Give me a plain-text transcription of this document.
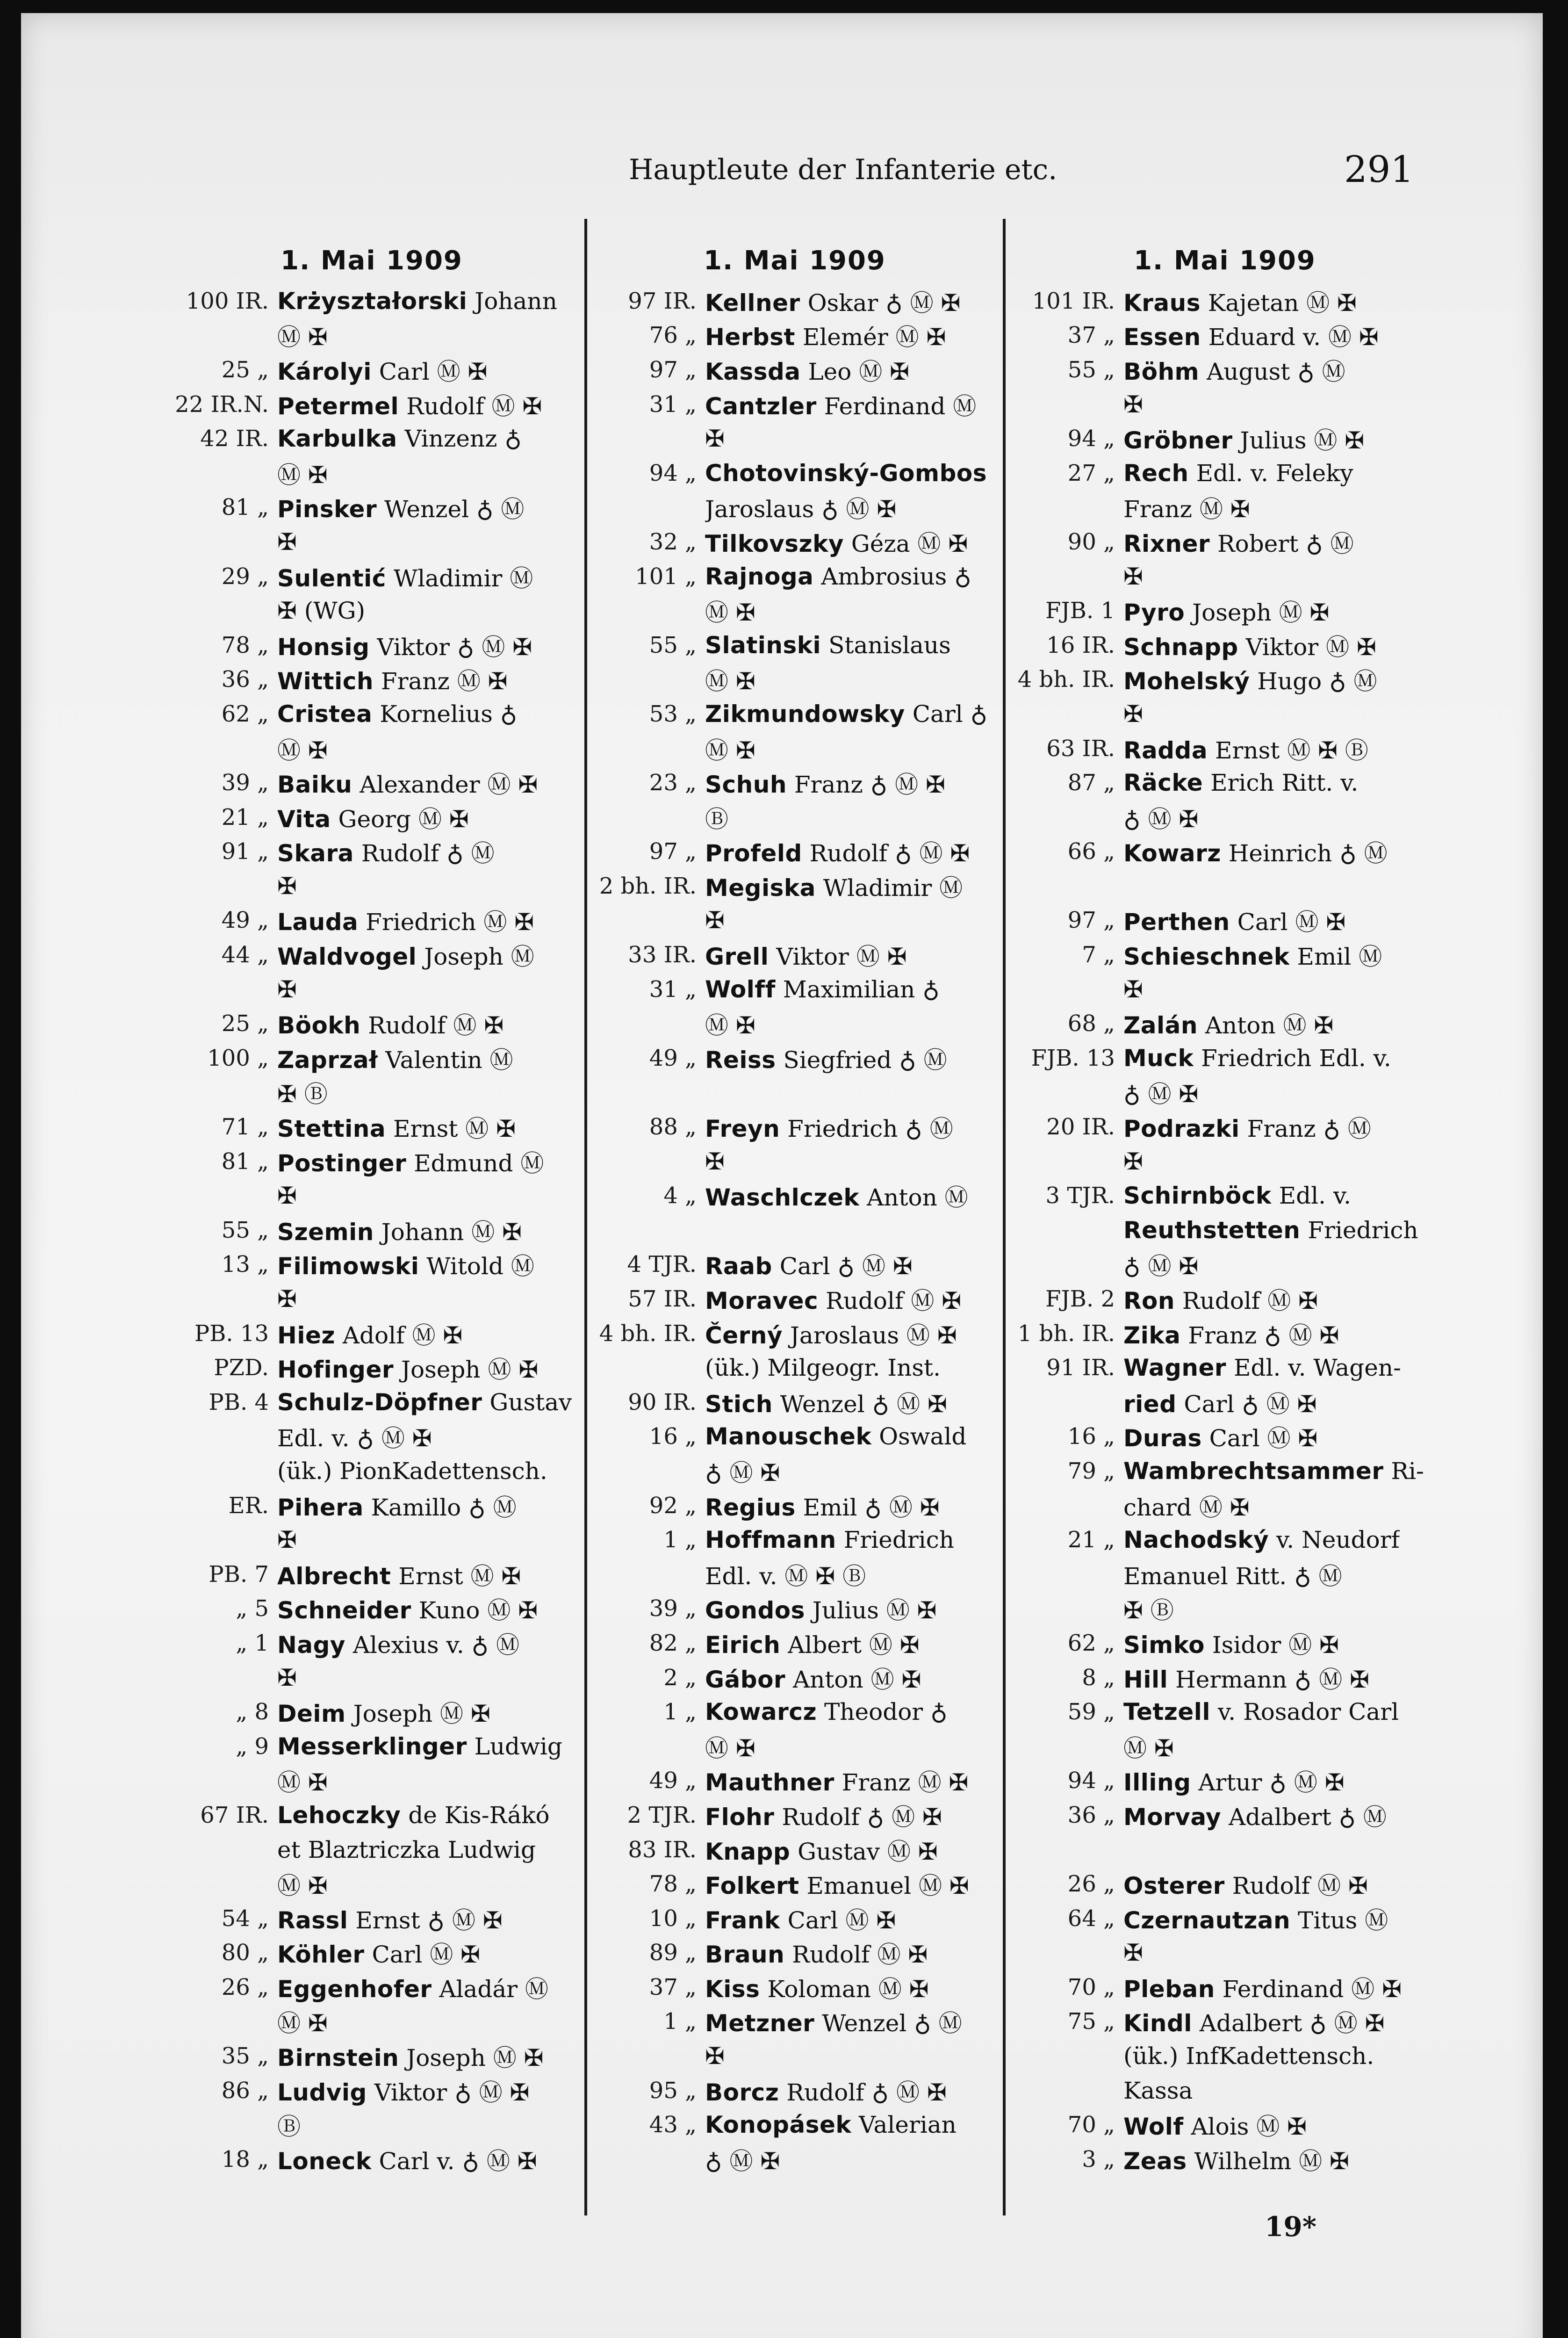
Hauptleute der Infanterie etc.	291
1. Mai 1909
100 IR. Krżyształorski Johann
Ⓜ ✠
25 „ Károlyi Carl Ⓜ ✠
22 IR.N. Petermel Rudolf Ⓜ ✠
42 IR. Karbulka Vinzenz ♁
Ⓜ ✠
81 „ Pinsker Wenzel ♁ Ⓜ
✠
29 „ Sulentić Wladimir Ⓜ
✠ (WG)
78 „ Honsig Viktor ♁ Ⓜ ✠
36 „ Wittich Franz Ⓜ ✠
62 „ Cristea Kornelius ♁
Ⓜ ✠
39 „ Baiku Alexander Ⓜ ✠
21 „ Vita Georg Ⓜ ✠
91 „ Skara Rudolf ♁ Ⓜ
✠
49 „ Lauda Friedrich Ⓜ ✠
44 „ Waldvogel Joseph Ⓜ
✠
25 „ Böokh Rudolf Ⓜ ✠
100 „ Zaprzał Valentin Ⓜ
✠ Ⓑ
71 „ Stettina Ernst Ⓜ ✠
81 „ Postinger Edmund Ⓜ
✠
55 „ Szemin Johann Ⓜ ✠
13 „ Filimowski Witold Ⓜ
✠
PB. 13 Hiez Adolf Ⓜ ✠
PZD. Hofinger Joseph Ⓜ ✠
PB. 4 Schulz-Döpfner Gustav
Edl. v. ♁ Ⓜ ✠
(ük.) PionKadettensch.
ER. Pihera Kamillo ♁ Ⓜ
✠
PB. 7 Albrecht Ernst Ⓜ ✠
„ 5 Schneider Kuno Ⓜ ✠
„ 1 Nagy Alexius v. ♁ Ⓜ
✠
„ 8 Deim Joseph Ⓜ ✠
„ 9 Messerklinger Ludwig
Ⓜ ✠
67 IR. Lehoczky de Kis-Rákó
et Blaztriczka Ludwig
Ⓜ ✠
54 „ Rassl Ernst ♁ Ⓜ ✠
80 „ Köhler Carl Ⓜ ✠
26 „ Eggenhofer Aladár Ⓜ
Ⓜ ✠
35 „ Birnstein Joseph Ⓜ ✠
86 „ Ludvig Viktor ♁ Ⓜ ✠
Ⓑ
18 „ Loneck Carl v. ♁ Ⓜ ✠
1. Mai 1909
97 IR. Kellner Oskar ♁ Ⓜ ✠
76 „ Herbst Elemér Ⓜ ✠
97 „ Kassda Leo Ⓜ ✠
31 „ Cantzler Ferdinand Ⓜ
✠
94 „ Chotovinský-Gombos
Jaroslaus ♁ Ⓜ ✠
32 „ Tilkovszky Géza Ⓜ ✠
101 „ Rajnoga Ambrosius ♁
Ⓜ ✠
55 „ Slatinski Stanislaus
Ⓜ ✠
53 „ Zikmundowsky Carl ♁
Ⓜ ✠
23 „ Schuh Franz ♁ Ⓜ ✠
Ⓑ
97 „ Profeld Rudolf ♁ Ⓜ ✠
2 bh. IR. Megiska Wladimir Ⓜ
✠
33 IR. Grell Viktor Ⓜ ✠
31 „ Wolff Maximilian ♁
Ⓜ ✠
49 „ Reiss Siegfried ♁ Ⓜ
88 „ Freyn Friedrich ♁ Ⓜ
✠
4 „ Waschlczek Anton Ⓜ
4 TJR. Raab Carl ♁ Ⓜ ✠
57 IR. Moravec Rudolf Ⓜ ✠
4 bh. IR. Černý Jaroslaus Ⓜ ✠
(ük.) Milgeogr. Inst.
90 IR. Stich Wenzel ♁ Ⓜ ✠
16 „ Manouschek Oswald
♁ Ⓜ ✠
92 „ Regius Emil ♁ Ⓜ ✠
1 „ Hoffmann Friedrich
Edl. v. Ⓜ ✠ Ⓑ
39 „ Gondos Julius Ⓜ ✠
82 „ Eirich Albert Ⓜ ✠
2 „ Gábor Anton Ⓜ ✠
1 „ Kowarcz Theodor ♁
Ⓜ ✠
49 „ Mauthner Franz Ⓜ ✠
2 TJR. Flohr Rudolf ♁ Ⓜ ✠
83 IR. Knapp Gustav Ⓜ ✠
78 „ Folkert Emanuel Ⓜ ✠
10 „ Frank Carl Ⓜ ✠
89 „ Braun Rudolf Ⓜ ✠
37 „ Kiss Koloman Ⓜ ✠
1 „ Metzner Wenzel ♁ Ⓜ
✠
95 „ Borcz Rudolf ♁ Ⓜ ✠
43 „ Konopásek Valerian
♁ Ⓜ ✠
1. Mai 1909
101 IR. Kraus Kajetan Ⓜ ✠
37 „ Essen Eduard v. Ⓜ ✠
55 „ Böhm August ♁ Ⓜ
✠
94 „ Gröbner Julius Ⓜ ✠
27 „ Rech Edl. v. Feleky
Franz Ⓜ ✠
90 „ Rixner Robert ♁ Ⓜ
✠
FJB. 1 Pyro Joseph Ⓜ ✠
16 IR. Schnapp Viktor Ⓜ ✠
4 bh. IR. Mohelský Hugo ♁ Ⓜ
✠
63 IR. Radda Ernst Ⓜ ✠ Ⓑ
87 „ Räcke Erich Ritt. v.
♁ Ⓜ ✠
66 „ Kowarz Heinrich ♁ Ⓜ
97 „ Perthen Carl Ⓜ ✠
7 „ Schieschnek Emil Ⓜ
✠
68 „ Zalán Anton Ⓜ ✠
FJB. 13 Muck Friedrich Edl. v.
♁ Ⓜ ✠
20 IR. Podrazki Franz ♁ Ⓜ
✠
3 TJR. Schirnböck Edl. v.
Reuthstetten Friedrich
♁ Ⓜ ✠
FJB. 2 Ron Rudolf Ⓜ ✠
1 bh. IR. Zika Franz ♁ Ⓜ ✠
91 IR. Wagner Edl. v. Wagen-
ried Carl ♁ Ⓜ ✠
16 „ Duras Carl Ⓜ ✠
79 „ Wambrechtsammer Ri-
chard Ⓜ ✠
21 „ Nachodský v. Neudorf
Emanuel Ritt. ♁ Ⓜ
✠ Ⓑ
62 „ Simko Isidor Ⓜ ✠
8 „ Hill Hermann ♁ Ⓜ ✠
59 „ Tetzell v. Rosador Carl
Ⓜ ✠
94 „ Illing Artur ♁ Ⓜ ✠
36 „ Morvay Adalbert ♁ Ⓜ
26 „ Osterer Rudolf Ⓜ ✠
64 „ Czernautzan Titus Ⓜ
✠
70 „ Pleban Ferdinand Ⓜ ✠
75 „ Kindl Adalbert ♁ Ⓜ ✠
(ük.) InfKadettensch.
Kassa
70 „ Wolf Alois Ⓜ ✠
3 „ Zeas Wilhelm Ⓜ ✠
19*
